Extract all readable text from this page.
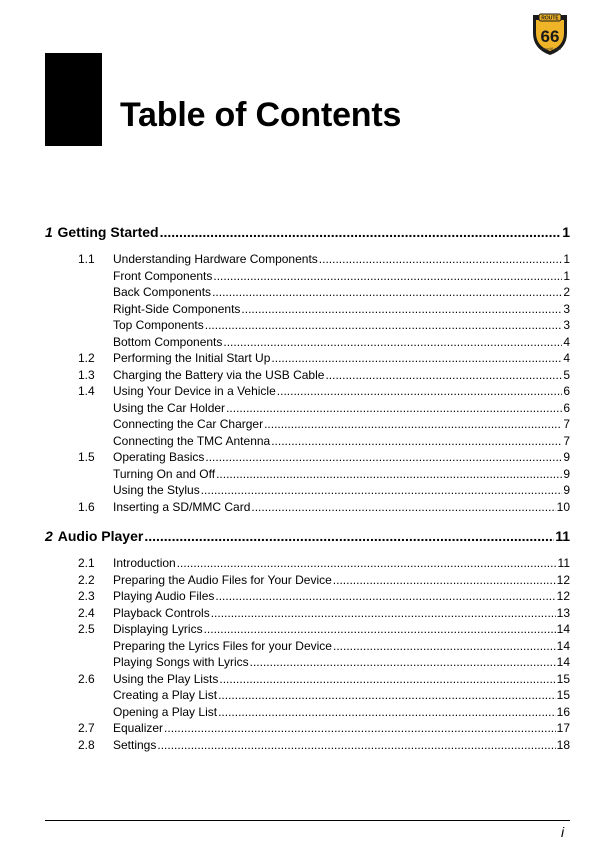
ROUTE
66
www.66.com
Table of Contents
1 Getting Started .....	1
1.1	Understanding Hardware Components .....	1
Front Components .....	1
Back Components .....	2
Right-Side Components .....	3
Top Components .....	3
Bottom Components .....	4
1.2	Performing the Initial Start Up .....	4
1.3	Charging the Battery via the USB Cable .....	5
1.4	Using Your Device in a Vehicle .....	6
Using the Car Holder .....	6
Connecting the Car Charger .....	7
Connecting the TMC Antenna .....	7
1.5	Operating Basics .....	9
Turning On and Off .....	9
Using the Stylus .....	9
1.6	Inserting a SD/MMC Card .....	10
2 Audio Player .....	11
2.1	Introduction .....	11
2.2	Preparing the Audio Files for Your Device .....	12
2.3	Playing Audio Files .....	12
2.4	Playback Controls .....	13
2.5	Displaying Lyrics .....	14
Preparing the Lyrics Files for your Device .....	14
Playing Songs with Lyrics .....	14
2.6	Using the Play Lists .....	15
Creating a Play List .....	15
Opening a Play List .....	16
2.7	Equalizer .....	17
2.8	Settings .....	18
i
